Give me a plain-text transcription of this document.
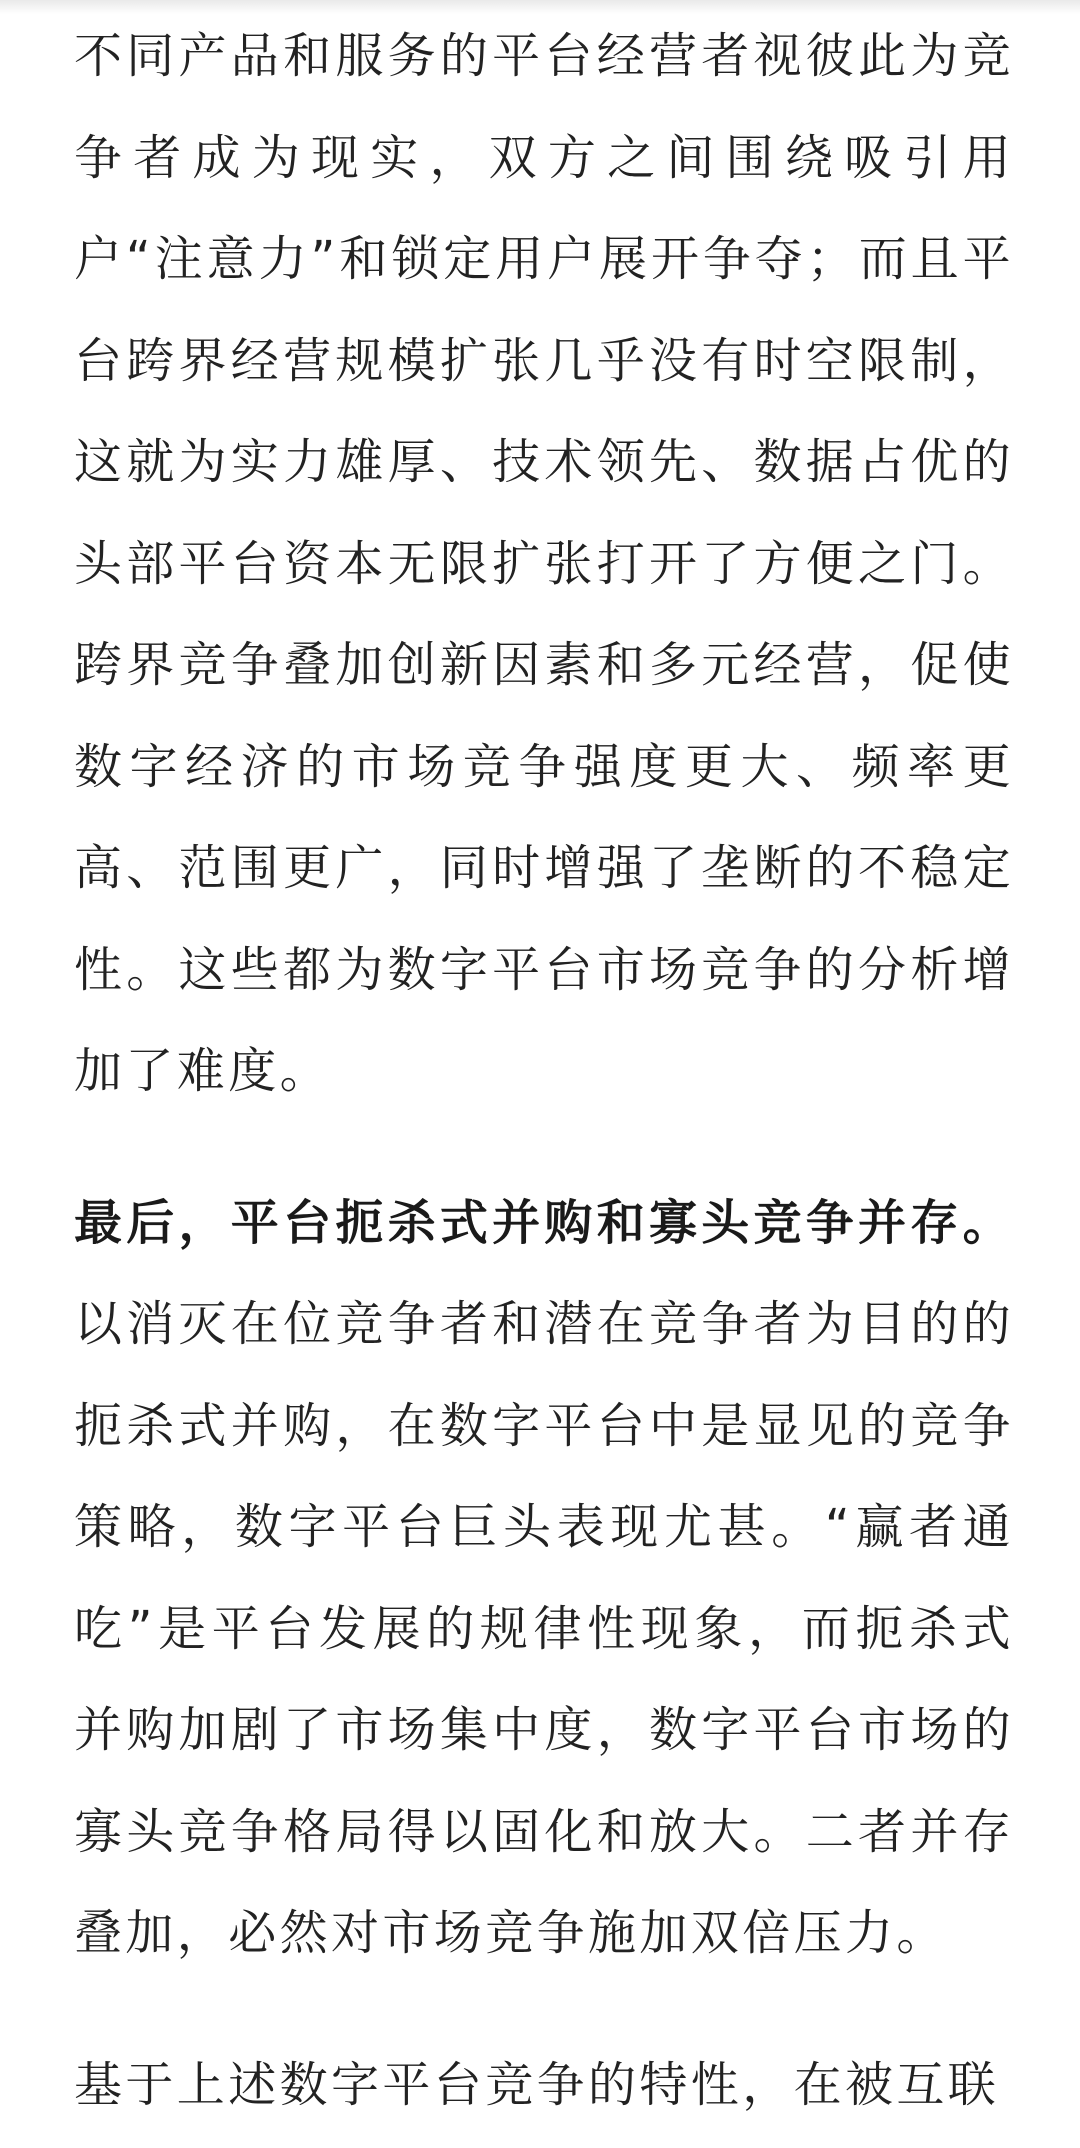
不同产品和服务的平台经营者视彼此为竞争者成为现实，双方之间围绕吸引用户“注意力”和锁定用户展开争夺；而且平台跨界经营规模扩张几乎没有时空限制，这就为实力雄厚、技术领先、数据占优的头部平台资本无限扩张打开了方便之门。跨界竞争叠加创新因素和多元经营，促使数字经济的市场竞争强度更大、频率更高、范围更广，同时增强了垄断的不稳定性。这些都为数字平台市场竞争的分析增加了难度。

最后，平台扼杀式并购和寡头竞争并存。以消灭在位竞争者和潜在竞争者为目的的扼杀式并购，在数字平台中是显见的竞争策略，数字平台巨头表现尤甚。“赢者通吃”是平台发展的规律性现象，而扼杀式并购加剧了市场集中度，数字平台市场的寡头竞争格局得以固化和放大。二者并存叠加，必然对市场竞争施加双倍压力。

基于上述数字平台竞争的特性，在被互联
